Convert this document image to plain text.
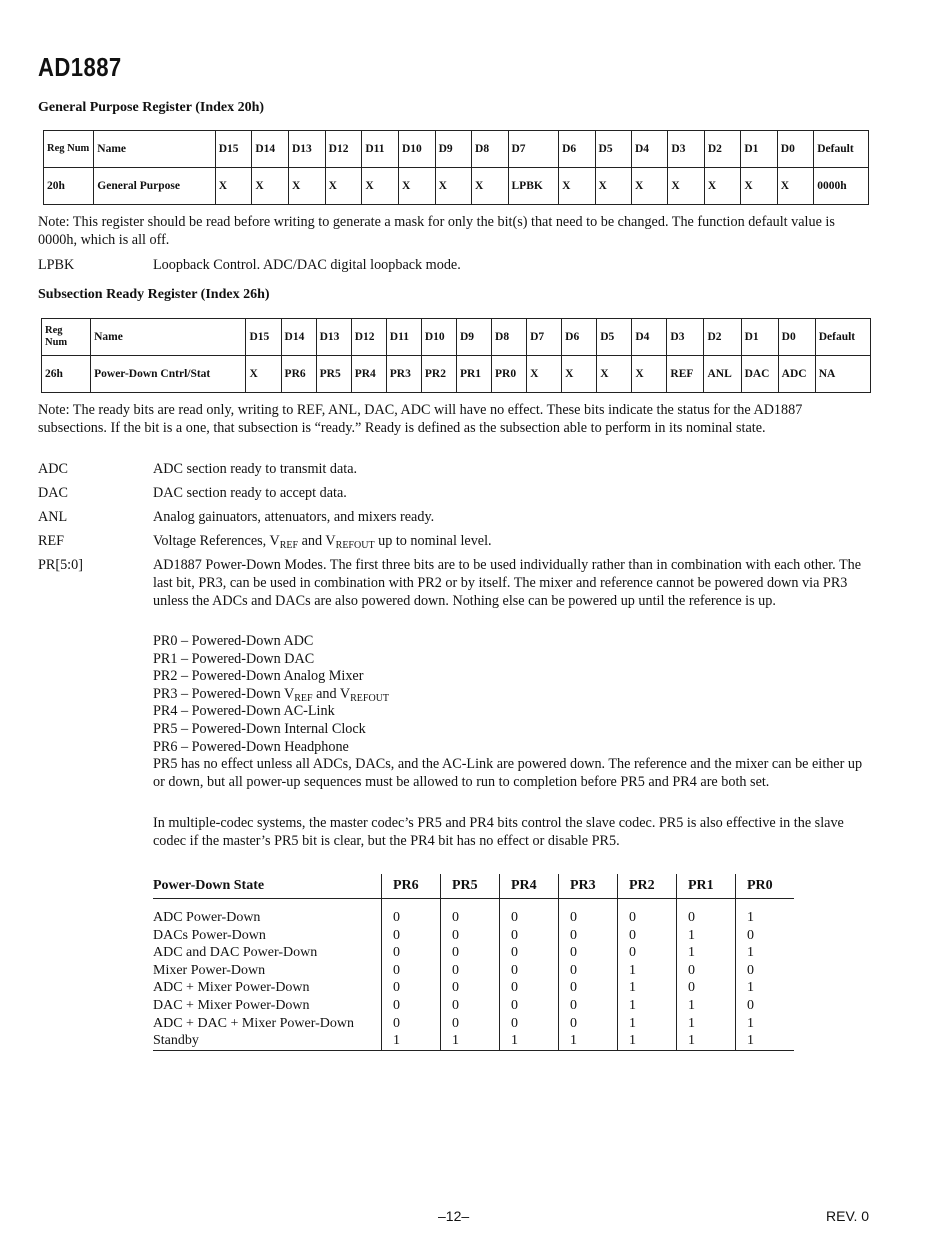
AD1887
General Purpose Register (Index 20h)
Reg Num	Name	D15	D14	D13	D12	D11	D10	D9	D8	D7	D6	D5	D4	D3	D2	D1	D0	Default
20h	General Purpose	X	X	X	X	X	X	X	X	LPBK	X	X	X	X	X	X	X	0000h
Note: This register should be read before writing to generate a mask for only the bit(s) that need to be changed. The function default value is 0000h, which is all off.
LPBK	Loopback Control. ADC/DAC digital loopback mode.
Subsection Ready Register (Index 26h)
Reg Num	Name	D15	D14	D13	D12	D11	D10	D9	D8	D7	D6	D5	D4	D3	D2	D1	D0	Default
26h	Power-Down Cntrl/Stat	X	PR6	PR5	PR4	PR3	PR2	PR1	PR0	X	X	X	X	REF	ANL	DAC	ADC	NA
Note: The ready bits are read only, writing to REF, ANL, DAC, ADC will have no effect. These bits indicate the status for the AD1887 subsections. If the bit is a one, that subsection is “ready.” Ready is defined as the subsection able to perform in its nominal state.
ADC	ADC section ready to transmit data.
DAC	DAC section ready to accept data.
ANL	Analog gainuators, attenuators, and mixers ready.
REF	Voltage References, $V_{REF}$ and $V_{REFOUT}$ up to nominal level.
PR[5:0]	AD1887 Power-Down Modes. The first three bits are to be used individually rather than in combination with each other. The last bit, PR3, can be used in combination with PR2 or by itself. The mixer and reference cannot be powered down via PR3 unless the ADCs and DACs are also powered down. Nothing else can be powered up until the reference is up.
PR0 – Powered-Down ADC
PR1 – Powered-Down DAC
PR2 – Powered-Down Analog Mixer
PR3 – Powered-Down $V_{REF}$ and $V_{REFOUT}$
PR4 – Powered-Down AC-Link
PR5 – Powered-Down Internal Clock
PR6 – Powered-Down Headphone
PR5 has no effect unless all ADCs, DACs, and the AC-Link are powered down. The reference and the mixer can be either up or down, but all power-up sequences must be allowed to run to completion before PR5 and PR4 are both set.
In multiple-codec systems, the master codec’s PR5 and PR4 bits control the slave codec. PR5 is also effective in the slave codec if the master’s PR5 bit is clear, but the PR4 bit has no effect or disable PR5.
Power-Down State	PR6	PR5	PR4	PR3	PR2	PR1	PR0

ADC Power-Down	0	0	0	0	0	0	1
DACs Power-Down	0	0	0	0	0	1	0
ADC and DAC Power-Down	0	0	0	0	0	1	1
Mixer Power-Down	0	0	0	0	1	0	0
ADC + Mixer Power-Down	0	0	0	0	1	0	1
DAC + Mixer Power-Down	0	0	0	0	1	1	0
ADC + DAC + Mixer Power-Down	0	0	0	0	1	1	1
Standby	1	1	1	1	1	1	1
–12–	REV. 0
